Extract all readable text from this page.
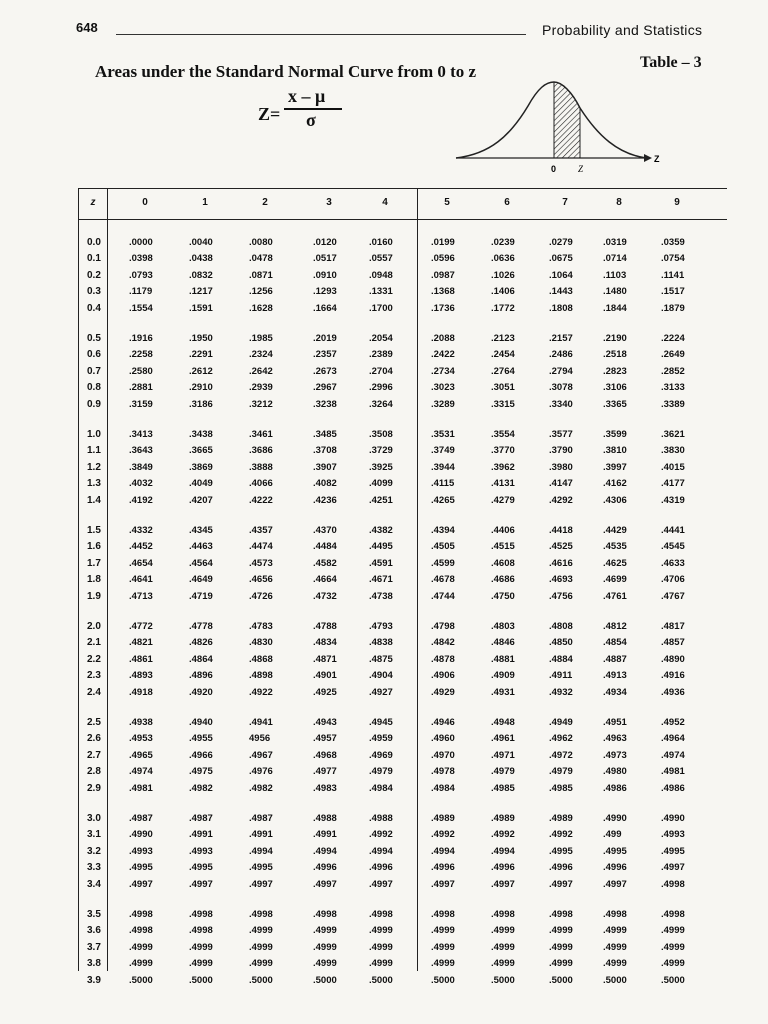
648	Probability and Statistics
Table – 3
Areas under the Standard Normal Curve from 0 to z
Z=
x – μ
σ
0 Z
Z
z	0	1	2	3	4	5	6	7	8	9
0.0	.0000	.0040	.0080	.0120	.0160	.0199	.0239	.0279	.0319	.0359
0.1	.0398	.0438	.0478	.0517	.0557	.0596	.0636	.0675	.0714	.0754
0.2	.0793	.0832	.0871	.0910	.0948	.0987	.1026	.1064	.1103	.1141
0.3	.1179	.1217	.1256	.1293	.1331	.1368	.1406	.1443	.1480	.1517
0.4	.1554	.1591	.1628	.1664	.1700	.1736	.1772	.1808	.1844	.1879
0.5	.1916	.1950	.1985	.2019	.2054	.2088	.2123	.2157	.2190	.2224
0.6	.2258	.2291	.2324	.2357	.2389	.2422	.2454	.2486	.2518	.2649
0.7	.2580	.2612	.2642	.2673	.2704	.2734	.2764	.2794	.2823	.2852
0.8	.2881	.2910	.2939	.2967	.2996	.3023	.3051	.3078	.3106	.3133
0.9	.3159	.3186	.3212	.3238	.3264	.3289	.3315	.3340	.3365	.3389
1.0	.3413	.3438	.3461	.3485	.3508	.3531	.3554	.3577	.3599	.3621
1.1	.3643	.3665	.3686	.3708	.3729	.3749	.3770	.3790	.3810	.3830
1.2	.3849	.3869	.3888	.3907	.3925	.3944	.3962	.3980	.3997	.4015
1.3	.4032	.4049	.4066	.4082	.4099	.4115	.4131	.4147	.4162	.4177
1.4	.4192	.4207	.4222	.4236	.4251	.4265	.4279	.4292	.4306	.4319
1.5	.4332	.4345	.4357	.4370	.4382	.4394	.4406	.4418	.4429	.4441
1.6	.4452	.4463	.4474	.4484	.4495	.4505	.4515	.4525	.4535	.4545
1.7	.4654	.4564	.4573	.4582	.4591	.4599	.4608	.4616	.4625	.4633
1.8	.4641	.4649	.4656	.4664	.4671	.4678	.4686	.4693	.4699	.4706
1.9	.4713	.4719	.4726	.4732	.4738	.4744	.4750	.4756	.4761	.4767
2.0	.4772	.4778	.4783	.4788	.4793	.4798	.4803	.4808	.4812	.4817
2.1	.4821	.4826	.4830	.4834	.4838	.4842	.4846	.4850	.4854	.4857
2.2	.4861	.4864	.4868	.4871	.4875	.4878	.4881	.4884	.4887	.4890
2.3	.4893	.4896	.4898	.4901	.4904	.4906	.4909	.4911	.4913	.4916
2.4	.4918	.4920	.4922	.4925	.4927	.4929	.4931	.4932	.4934	.4936
2.5	.4938	.4940	.4941	.4943	.4945	.4946	.4948	.4949	.4951	.4952
2.6	.4953	.4955	4956	.4957	.4959	.4960	.4961	.4962	.4963	.4964
2.7	.4965	.4966	.4967	.4968	.4969	.4970	.4971	.4972	.4973	.4974
2.8	.4974	.4975	.4976	.4977	.4979	.4978	.4979	.4979	.4980	.4981
2.9	.4981	.4982	.4982	.4983	.4984	.4984	.4985	.4985	.4986	.4986
3.0	.4987	.4987	.4987	.4988	.4988	.4989	.4989	.4989	.4990	.4990
3.1	.4990	.4991	.4991	.4991	.4992	.4992	.4992	.4992	.499	.4993
3.2	.4993	.4993	.4994	.4994	.4994	.4994	.4994	.4995	.4995	.4995
3.3	.4995	.4995	.4995	.4996	.4996	.4996	.4996	.4996	.4996	.4997
3.4	.4997	.4997	.4997	.4997	.4997	.4997	.4997	.4997	.4997	.4998
3.5	.4998	.4998	.4998	.4998	.4998	.4998	.4998	.4998	.4998	.4998
3.6	.4998	.4998	.4999	.4999	.4999	.4999	.4999	.4999	.4999	.4999
3.7	.4999	.4999	.4999	.4999	.4999	.4999	.4999	.4999	.4999	.4999
3.8	.4999	.4999	.4999	.4999	.4999	.4999	.4999	.4999	.4999	.4999
3.9	.5000	.5000	.5000	.5000	.5000	.5000	.5000	.5000	.5000	.5000
